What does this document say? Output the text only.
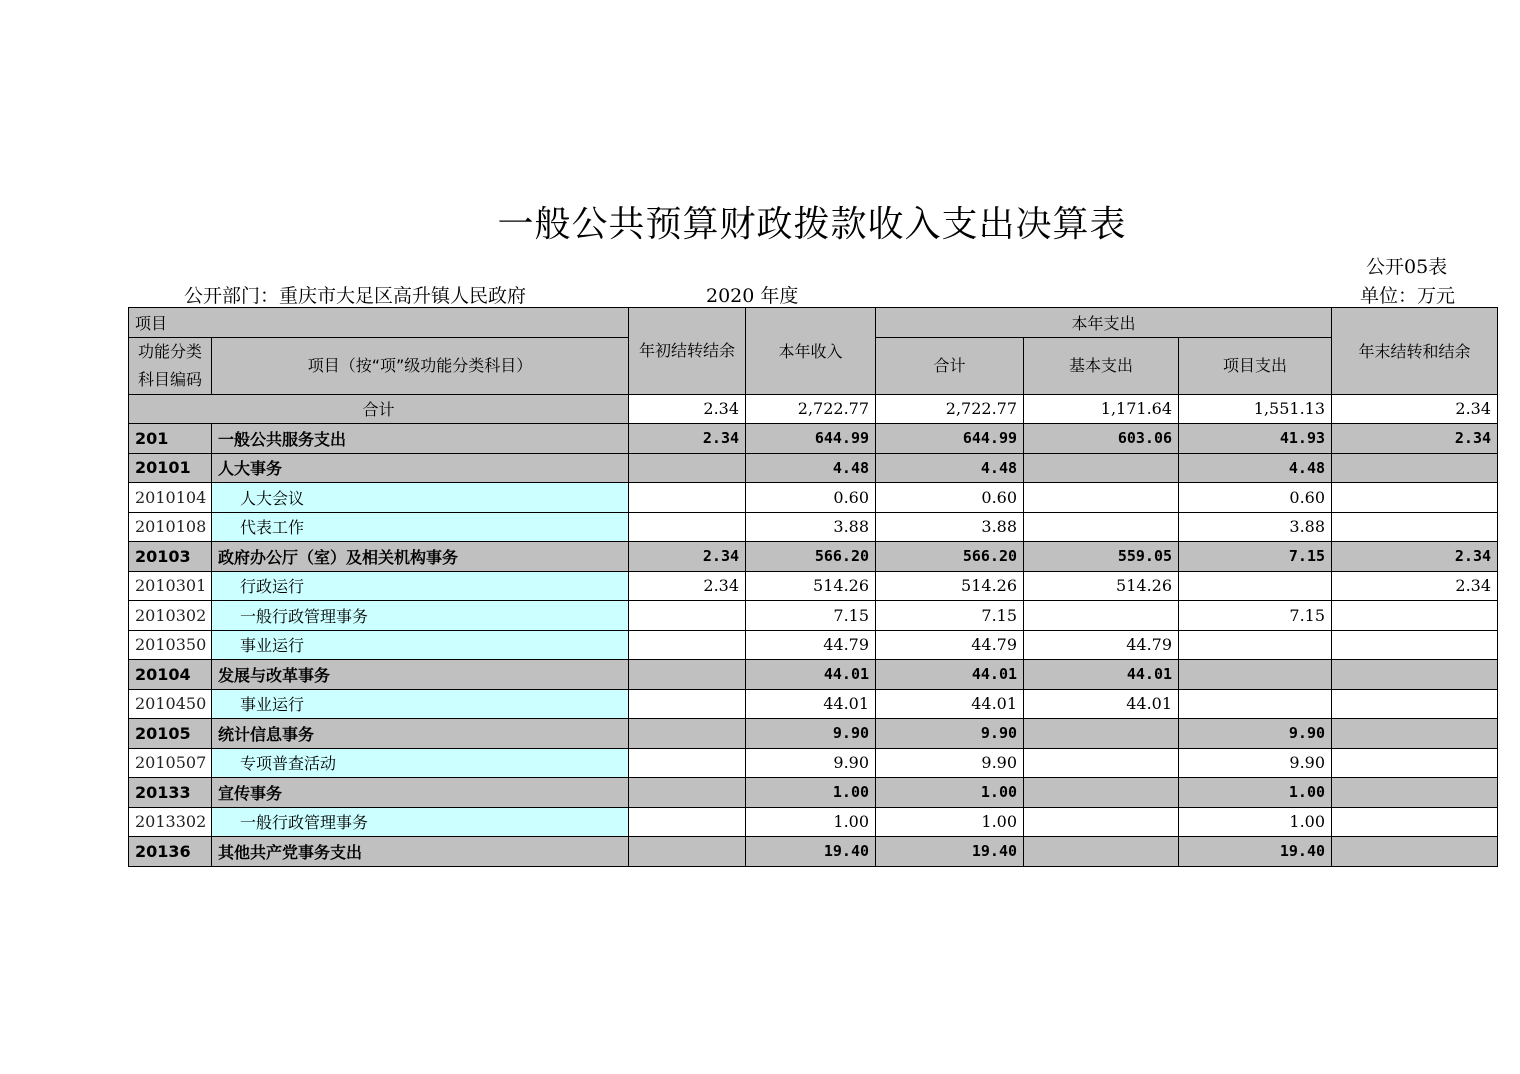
一般公共预算财政拨款收入支出决算表
公开05表
公开部门：重庆市大足区高升镇人民政府	2020 年度	单位：万元
项目		年初结转结余	本年收入	本年支出			年末结转和结余
功能分类科目编码	项目（按“项”级功能分类科目）			合计	基本支出	项目支出	
合计		2.34	2,722.77	2,722.77	1,171.64	1,551.13	2.34
201	一般公共服务支出	2.34	644.99	644.99	603.06	41.93	2.34
20101	人大事务		4.48	4.48		4.48	
2010104	人大会议		0.60	0.60		0.60	
2010108	代表工作		3.88	3.88		3.88	
20103	政府办公厅（室）及相关机构事务	2.34	566.20	566.20	559.05	7.15	2.34
2010301	行政运行	2.34	514.26	514.26	514.26		2.34
2010302	一般行政管理事务		7.15	7.15		7.15	
2010350	事业运行		44.79	44.79	44.79		
20104	发展与改革事务		44.01	44.01	44.01		
2010450	事业运行		44.01	44.01	44.01		
20105	统计信息事务		9.90	9.90		9.90	
2010507	专项普查活动		9.90	9.90		9.90	
20133	宣传事务		1.00	1.00		1.00	
2013302	一般行政管理事务		1.00	1.00		1.00	
20136	其他共产党事务支出		19.40	19.40		19.40	
